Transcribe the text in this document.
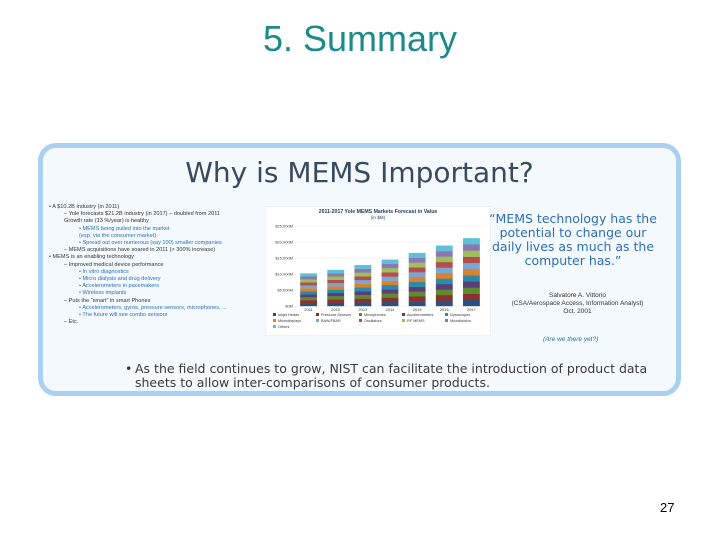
5. Summary
Why is MEMS Important?
• A $10.2B industry (in 2011)
– Yole forecasts $21.2B industry (in 2017) – doubled from 2011
Growth rate (13 %/year) is healthy
• MEMS being pulled into the market
(esp. via the consumer market)
• Spread out over numerous (say 100) smaller companies
– MEMS acquisitions have soared in 2011 (> 300% increase)
• MEMS is an enabling technology
– Improved medical device performance
• In vitro diagnostics
• Micro dialysis and drug delivery
• Accelerometers in pacemakers
• Wireless implants
– Puts the “smart” in smart Phones
• Accelerometers, gyros, pressure sensors, microphones, ...
• The future will see combo sensors
– Etc.
2011-2017 Yole MEMS Markets Forecast in Value
(in $M)
$25,000M
$20,000M
$15,000M
$10,000M
$5,000M
$0M
2011	2012	2013	2014	2015	2016	2017
Inkjet Heads	Pressure Sensors	Microphones	Accelerometers	Gyroscopes
Microdisplays	BAW/FBAR	Oscillators	RF MEMS	Microfluidics
Others
“MEMS technology has the potential to change our daily lives as much as the computer has.”
Salvatore A. Vittorio
(CSA/Aerospace Access, Information Analyst)
Oct. 2001
(Are we there yet?)
• As the field continues to grow, NIST can facilitate the introduction of product data sheets to allow inter-comparisons of consumer products.
27
